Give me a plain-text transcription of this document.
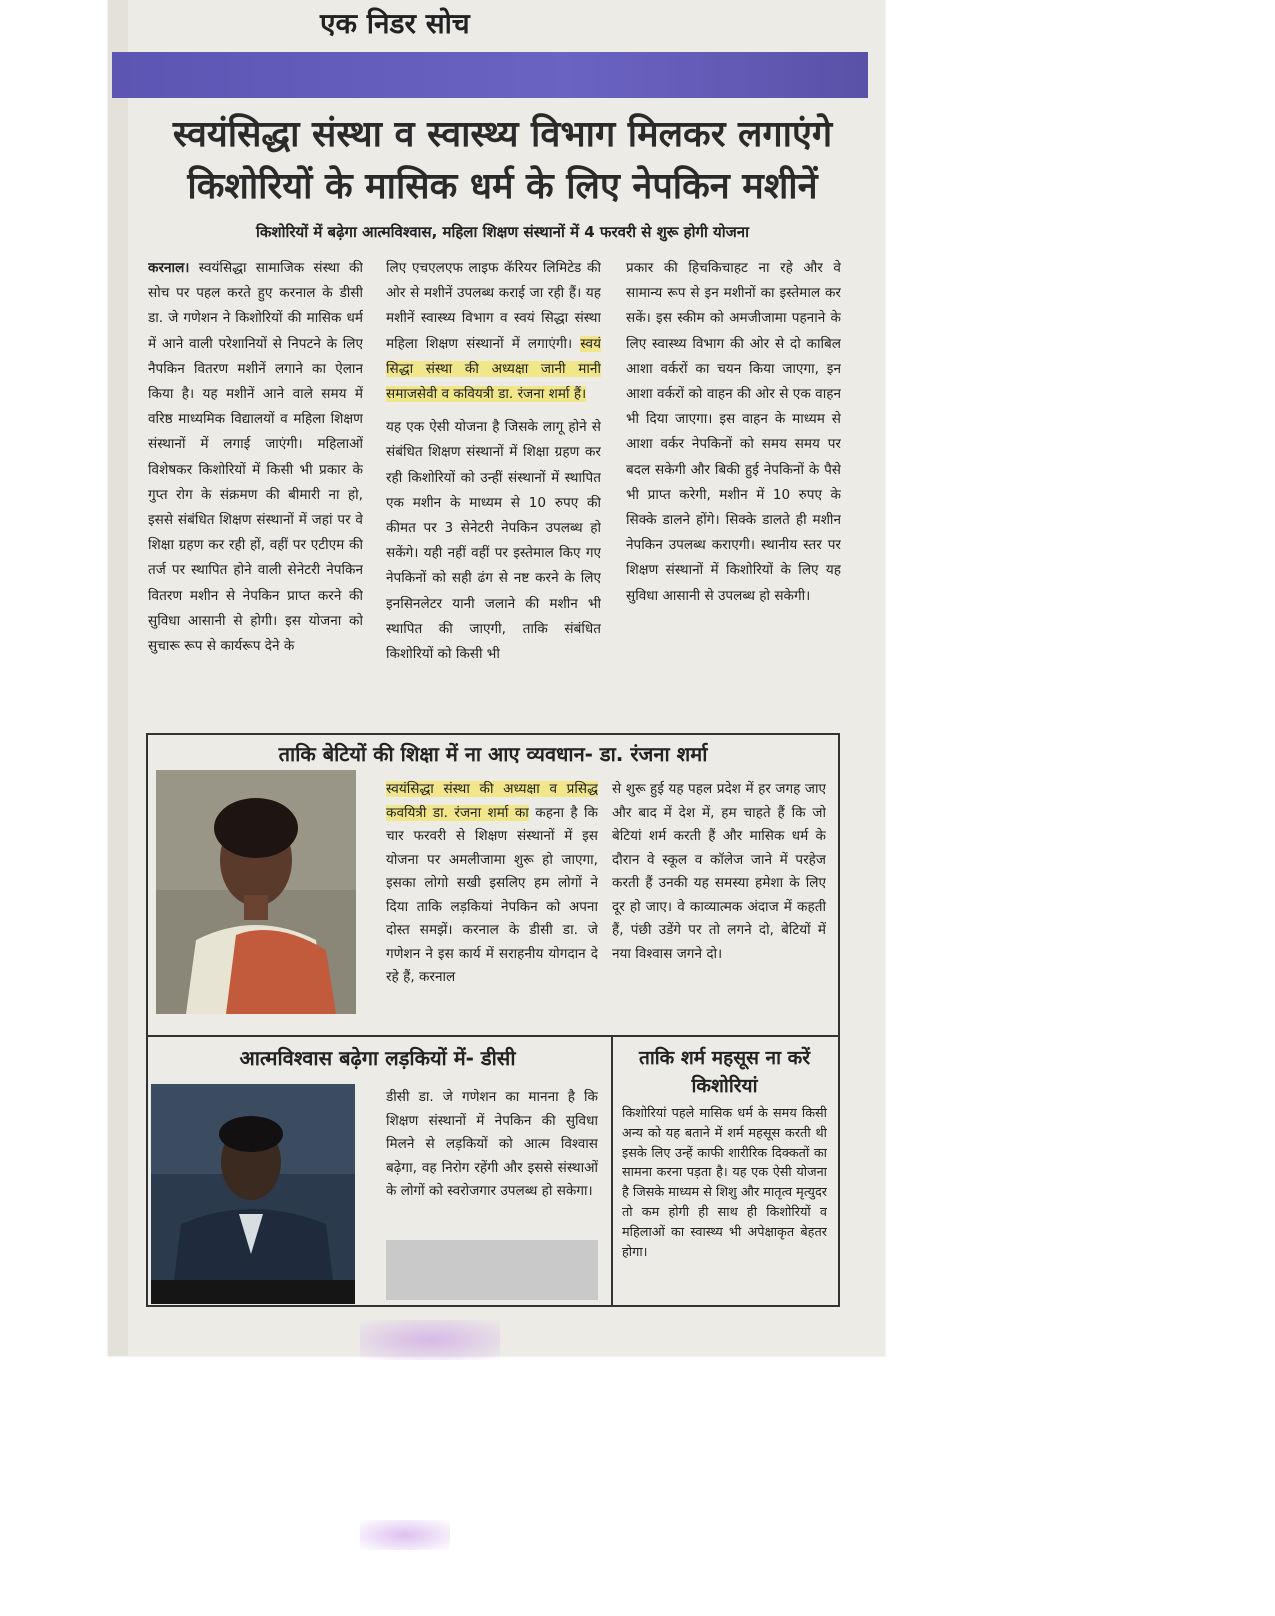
एक निडर सोच
स्वयंसिद्धा संस्था व स्वास्थ्य विभाग मिलकर लगाएंगे
किशोरियों के मासिक धर्म के लिए नेपकिन मशीनें
किशोरियों में बढ़ेगा आत्मविश्वास, महिला शिक्षण संस्थानों में 4 फरवरी से शुरू होगी योजना

करनाल। स्वयंसिद्धा सामाजिक संस्था की सोच पर पहल करते हुए करनाल के डीसी डा. जे गणेशन ने किशोरियों की मासिक धर्म में आने वाली परेशानियों से निपटने के लिए नैपकिन वितरण मशीनें लगाने का ऐलान किया है। यह मशीनें आने वाले समय में वरिष्ठ माध्यमिक विद्यालयों व महिला शिक्षण संस्थानों में लगाई जाएंगी। महिलाओं विशेषकर किशोरियों में किसी भी प्रकार के गुप्त रोग के संक्रमण की बीमारी ना हो, इससे संबंधित शिक्षण संस्थानों में जहां पर वे शिक्षा ग्रहण कर रही हों, वहीं पर एटीएम की तर्ज पर स्थापित होने वाली सेनेटरी नेपकिन वितरण मशीन से नेपकिन प्राप्त करने की सुविधा आसानी से होगी। इस योजना को सुचारू रूप से कार्यरूप देने के

लिए एचएलएफ लाइफ कॅरियर लिमिटेड की ओर से मशीनें उपलब्ध कराई जा रही हैं। यह मशीनें स्वास्थ्य विभाग व स्वयं सिद्धा संस्था महिला शिक्षण संस्थानों में लगाएंगी। स्वयं सिद्धा संस्था की अध्यक्षा जानी मानी समाजसेवी व कवियत्री डा. रंजना शर्मा हैं।

यह एक ऐसी योजना है जिसके लागू होने से संबंधित शिक्षण संस्थानों में शिक्षा ग्रहण कर रही किशोरियों को उन्हीं संस्थानों में स्थापित एक मशीन के माध्यम से 10 रुपए की कीमत पर 3 सेनेटरी नेपकिन उपलब्ध हो सकेंगे। यही नहीं वहीं पर इस्तेमाल किए गए नेपकिनों को सही ढंग से नष्ट करने के लिए इनसिनलेटर यानी जलाने की मशीन भी स्थापित की जाएगी, ताकि संबंधित किशोरियों को किसी भी

प्रकार की हिचकिचाहट ना रहे और वे सामान्य रूप से इन मशीनों का इस्तेमाल कर सकें। इस स्कीम को अमजीजामा पहनाने के लिए स्वास्थ्य विभाग की ओर से दो काबिल आशा वर्करों का चयन किया जाएगा, इन आशा वर्करों को वाहन की ओर से एक वाहन भी दिया जाएगा। इस वाहन के माध्यम से आशा वर्कर नेपकिनों को समय समय पर बदल सकेगी और बिकी हुई नेपकिनों के पैसे भी प्राप्त करेगी, मशीन में 10 रुपए के सिक्के डालने होंगे। सिक्के डालते ही मशीन नेपकिन उपलब्ध कराएगी। स्थानीय स्तर पर शिक्षण संस्थानों में किशोरियों के लिए यह सुविधा आसानी से उपलब्ध हो सकेगी।
ताकि बेटियों की शिक्षा में ना आए व्यवधान- डा. रंजना शर्मा
स्वयंसिद्धा संस्था की अध्यक्षा व प्रसिद्ध कवयित्री डा. रंजना शर्मा का कहना है कि चार फरवरी से शिक्षण संस्थानों में इस योजना पर अमलीजामा शुरू हो जाएगा, इसका लोगो सखी इसलिए हम लोगों ने दिया ताकि लड़कियां नेपकिन को अपना दोस्त समझें। करनाल के डीसी डा. जे गणेशन ने इस कार्य में सराहनीय योगदान दे रहे हैं, करनाल
से शुरू हुई यह पहल प्रदेश में हर जगह जाए और बाद में देश में, हम चाहते हैं कि जो बेटियां शर्म करती हैं और मासिक धर्म के दौरान वे स्कूल व कॉलेज जाने में परहेज करती हैं उनकी यह समस्या हमेशा के लिए दूर हो जाए। वे काव्यात्मक अंदाज में कहती हैं, पंछी उडेंगे पर तो लगने दो, बेटियों में नया विश्वास जगने दो।
आत्मविश्वास बढ़ेगा लड़कियों में- डीसी
डीसी डा. जे गणेशन का मानना है कि शिक्षण संस्थानों में नेपकिन की सुविधा मिलने से लड़कियों को आत्म विश्वास बढ़ेगा, वह निरोग रहेंगी और इससे संस्थाओं के लोगों को स्वरोजगार उपलब्ध हो सकेगा।
ताकि शर्म महसूस ना करें किशोरियां
किशोरियां पहले मासिक धर्म के समय किसी अन्य को यह बताने में शर्म महसूस करती थी इसके लिए उन्हें काफी शारीरिक दिक्कतों का सामना करना पड़ता है। यह एक ऐसी योजना है जिसके माध्यम से शिशु और मातृत्व मृत्युदर तो कम होगी ही साथ ही किशोरियों व महिलाओं का स्वास्थ्य भी अपेक्षाकृत बेहतर होगा।
